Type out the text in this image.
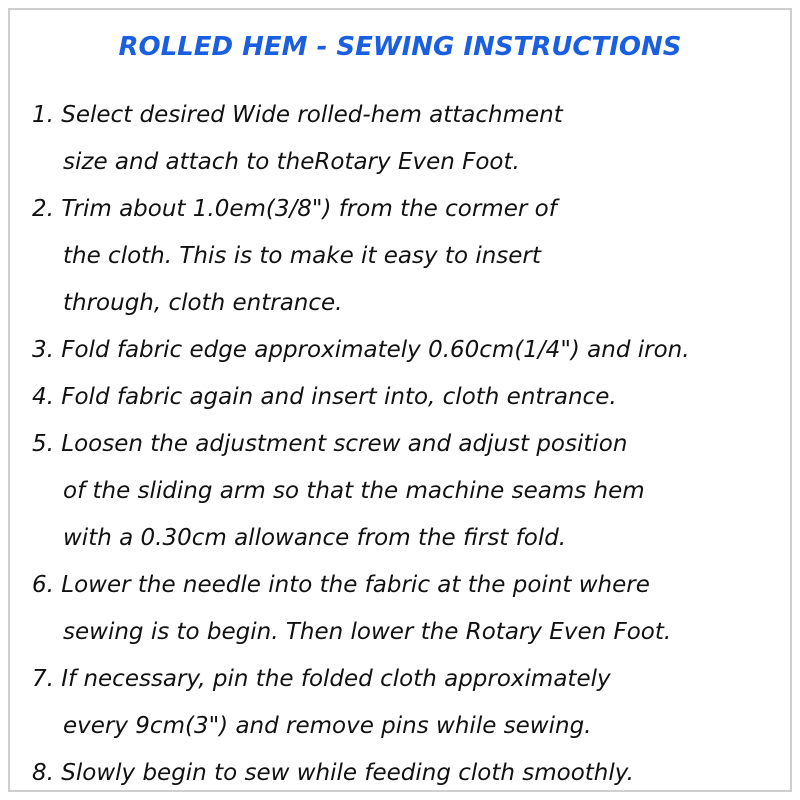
ROLLED HEM - SEWING INSTRUCTIONS
1. Select desired Wide rolled-hem attachment
size and attach to theRotary Even Foot.
2. Trim about 1.0em(3/8") from the cormer of
the cloth. This is to make it easy to insert
through, cloth entrance.
3. Fold fabric edge approximately 0.60cm(1/4") and iron.
4. Fold fabric again and insert into, cloth entrance.
5. Loosen the adjustment screw and adjust position
of the sliding arm so that the machine seams hem
with a 0.30cm allowance from the first fold.
6. Lower the needle into the fabric at the point where
sewing is to begin. Then lower the Rotary Even Foot.
7. If necessary, pin the folded cloth approximately
every 9cm(3") and remove pins while sewing.
8. Slowly begin to sew while feeding cloth smoothly.
